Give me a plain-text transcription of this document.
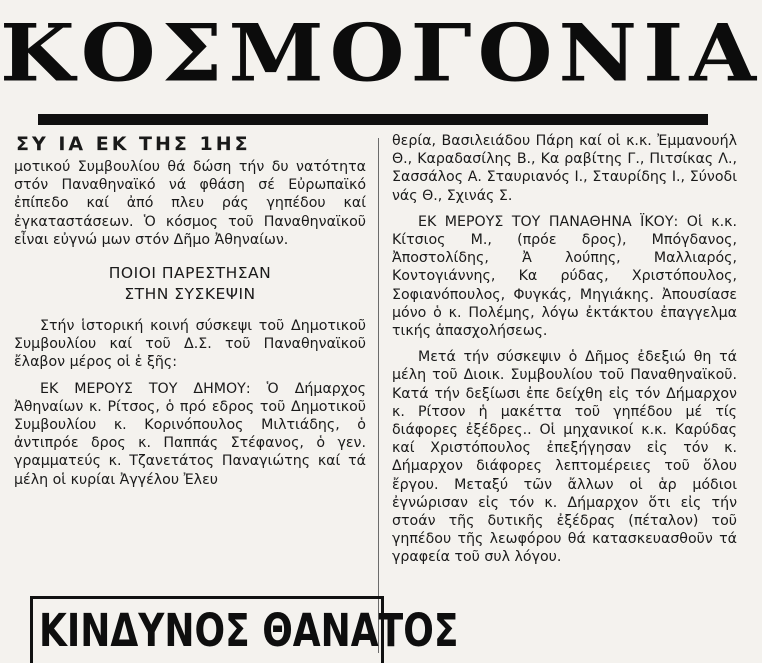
ΚΟΣΜΟΓΟΝΙΑ
ΣΥ ΙΑ ΕΚ ΤΗΣ 1ΗΣ

μοτικού Συμβουλίου θά δώση τήν δυ νατότητα στόν Παναθηναϊκό νά φθάση σέ Εὐρωπαϊκό ἐπίπεδο καί ἀπό πλευ ράς γηπέδου καί ἐγκαταστάσεων. Ὁ κόσμος τοῦ Παναθηναϊκοῦ εἶναι εὐγνώ μων στόν Δῆμο Ἀθηναίων.

ΠΟΙΟΙ ΠΑΡΕΣΤΗΣΑΝ
ΣΤΗΝ ΣΥΣΚΕΨΙΝ

Στήν ἱστορική κοινή σύσκεψι τοῦ Δημοτικοῦ Συμβουλίου καί τοῦ Δ.Σ. τοῦ Παναθηναϊκοῦ ἔλαβον μέρος οἱ ἑ ξῆς:

ΕΚ ΜΕΡΟΥΣ ΤΟΥ ΔΗΜΟΥ: Ὁ Δήμαρχος Ἀθηναίων κ. Ρίτσος, ὁ πρό εδρος τοῦ Δημοτικοῦ Συμβουλίου κ. Κορινόπουλος Μιλτιάδης, ὁ ἀντιπρόε δρος κ. Παππάς Στέφανος, ὁ γεν. γραμματεύς κ. Τζανετάτος Παναγιώτης καί τά μέλη οἱ κυρίαι Ἀγγέλου Ἐλευ

θερία, Βασιλειάδου Πάρη καί οἱ κ.κ. Ἐμμανουήλ Θ., Καραδασίλης Β., Κα ραβίτης Γ., Πιτσίκας Λ., Σασσάλος Α. Σταυριανός Ι., Σταυρίδης Ι., Σύνοδι νάς Θ., Σχινάς Σ.

ΕΚ ΜΕΡΟΥΣ ΤΟΥ ΠΑΝΑΘΗΝΑ ΪΚΟΥ: Οἱ κ.κ. Κίτσιος Μ., (πρόε δρος), Μπόγδανος, Ἀποστολίδης, Ἀ λούπης, Μαλλιαρός, Κοντογιάννης, Κα ρύδας, Χριστόπουλος, Σοφιανόπουλος, Φυγκάς, Μηγιάκης. Ἀπουσίασε μόνο ὁ κ. Πολέμης, λόγω ἐκτάκτου ἐπαγγελμα τικής ἀπασχολήσεως.

Μετά τήν σύσκεψιν ὁ Δῆμος ἐδεξιώ θη τά μέλη τοῦ Διοικ. Συμβουλίου τοῦ Παναθηναϊκοῦ. Κατά τήν δεξίωσι ἐπε δείχθη εἰς τόν Δήμαρχον κ. Ρίτσον ἡ μακέττα τοῦ γηπέδου μέ τίς διάφορες ἐξέδρες.. Οἱ μηχανικοί κ.κ. Καρύδας καί Χριστόπουλος ἐπεξήγησαν εἰς τόν κ. Δήμαρχον διάφορες λεπτομέρειες τοῦ ὅλου ἔργου. Μεταξύ τῶν ἄλλων οἱ ἁρ μόδιοι ἐγνώρισαν εἰς τόν κ. Δήμαρχον ὅτι εἰς τήν στοάν τῆς δυτικῆς ἐξέδρας (πέταλον) τοῦ γηπέδου τῆς λεωφόρου θά κατασκευασθοῦν τά γραφεία τοῦ συλ λόγου.

ΚΙΝΔΥΝΟΣ ΘΑΝΑΤΟΣ
